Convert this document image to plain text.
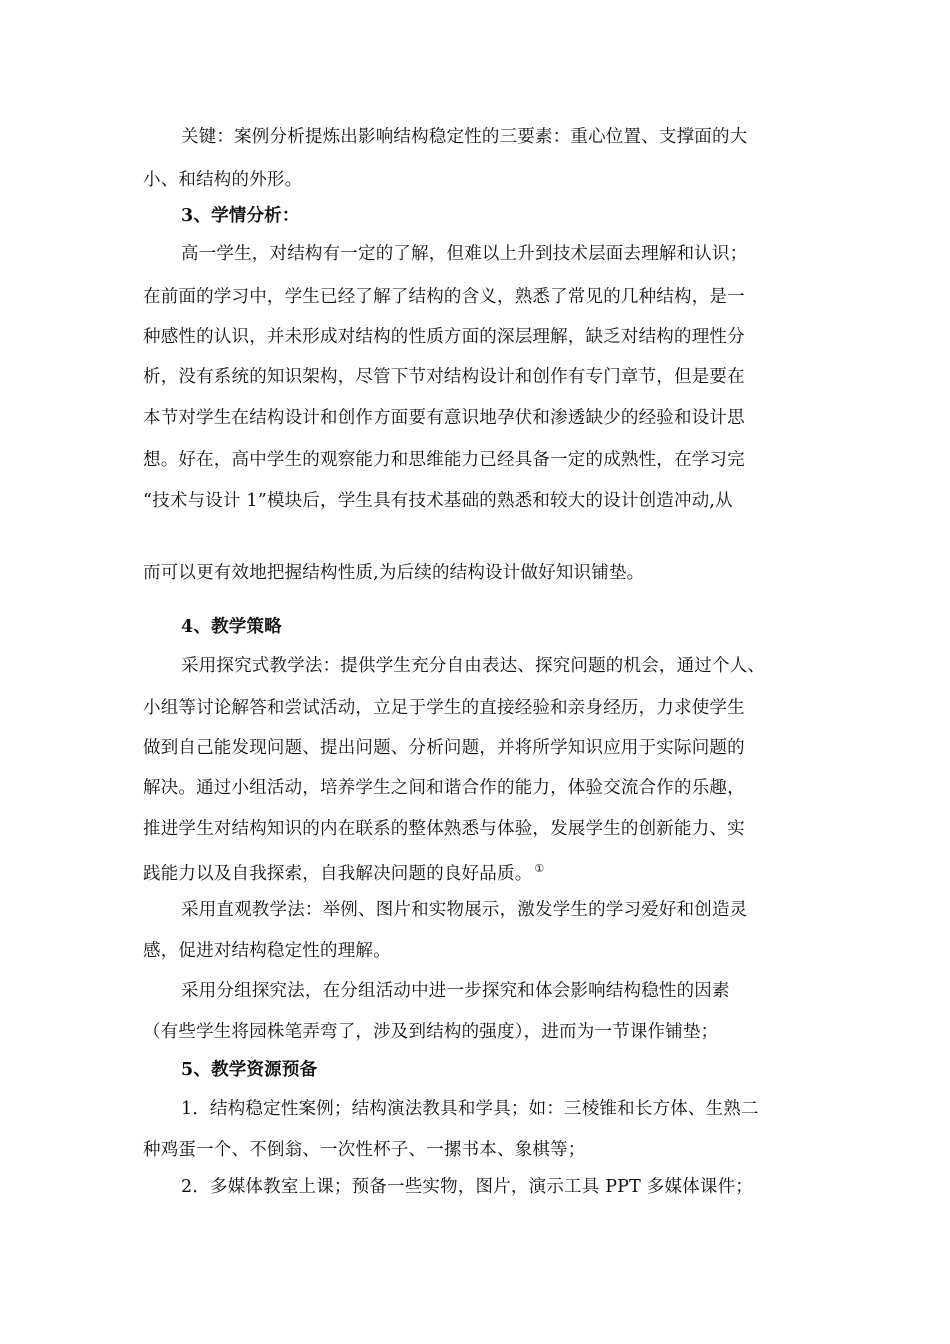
关键：案例分析提炼出影响结构稳定性的三要素：重心位置、支撑面的大
小、和结构的外形。
3、学情分析：
高一学生，对结构有一定的了解，但难以上升到技术层面去理解和认识；
在前面的学习中，学生已经了解了结构的含义，熟悉了常见的几种结构，是一
种感性的认识，并未形成对结构的性质方面的深层理解，缺乏对结构的理性分
析，没有系统的知识架构，尽管下节对结构设计和创作有专门章节，但是要在
本节对学生在结构设计和创作方面要有意识地孕伏和渗透缺少的经验和设计思
想。好在，高中学生的观察能力和思维能力已经具备一定的成熟性，在学习完
“技术与设计 1”模块后，学生具有技术基础的熟悉和较大的设计创造冲动,从
而可以更有效地把握结构性质,为后续的结构设计做好知识铺垫。
4、教学策略
采用探究式教学法：提供学生充分自由表达、探究问题的机会，通过个人、
小组等讨论解答和尝试活动，立足于学生的直接经验和亲身经历，力求使学生
做到自己能发现问题、提出问题、分析问题，并将所学知识应用于实际问题的
解决。通过小组活动，培养学生之间和谐合作的能力，体验交流合作的乐趣，
推进学生对结构知识的内在联系的整体熟悉与体验，发展学生的创新能力、实
践能力以及自我探索，自我解决问题的良好品质。 ①
采用直观教学法：举例、图片和实物展示，激发学生的学习爱好和创造灵
感，促进对结构稳定性的理解。
采用分组探究法，在分组活动中进一步探究和体会影响结构稳性的因素
（有些学生将园株笔弄弯了，涉及到结构的强度），进而为一节课作铺垫；
5、教学资源预备
1．结构稳定性案例；结构演法教具和学具；如：三棱锥和长方体、生熟二
种鸡蛋一个、不倒翁、一次性杯子、一摞书本、象棋等；
2．多媒体教室上课；预备一些实物，图片，演示工具 PPT 多媒体课件；
